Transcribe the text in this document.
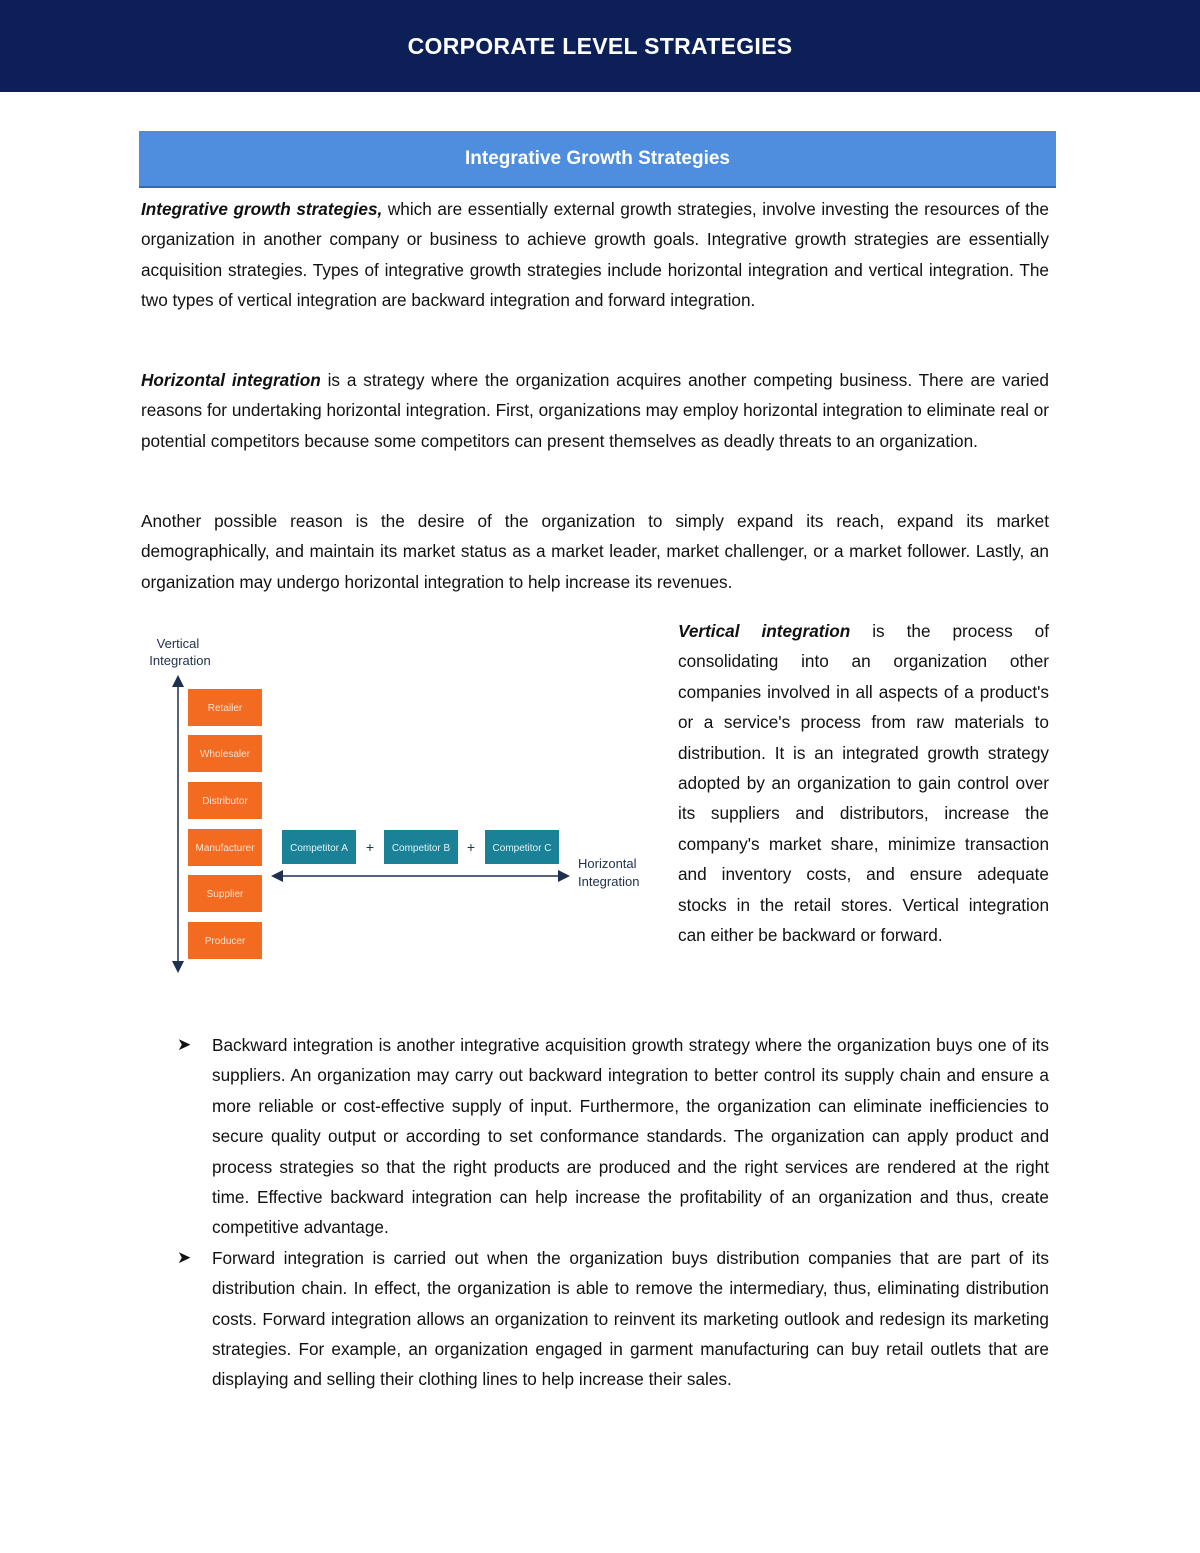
CORPORATE LEVEL STRATEGIES
Integrative Growth Strategies

Integrative growth strategies, which are essentially external growth strategies, involve investing the resources of the organization in another company or business to achieve growth goals. Integrative growth strategies are essentially acquisition strategies. Types of integrative growth strategies include horizontal integration and vertical integration. The two types of vertical integration are backward integration and forward integration.

Horizontal integration is a strategy where the organization acquires another competing business. There are varied reasons for undertaking horizontal integration. First, organizations may employ horizontal integration to eliminate real or potential competitors because some competitors can present themselves as deadly threats to an organization.

Another possible reason is the desire of the organization to simply expand its reach, expand its market demographically, and maintain its market status as a market leader, market challenger, or a market follower. Lastly, an organization may undergo horizontal integration to help increase its revenues.

Vertical
Integration
Retailer
Wholesaler
Distributor
Manufacturer
Supplier
Producer
Competitor A + Competitor B + Competitor C
Horizontal
Integration

Vertical integration is the process of consolidating into an organization other companies involved in all aspects of a product's or a service's process from raw materials to distribution. It is an integrated growth strategy adopted by an organization to gain control over its suppliers and distributors, increase the company's market share, minimize transaction and inventory costs, and ensure adequate stocks in the retail stores. Vertical integration can either be backward or forward.

➤ Backward integration is another integrative acquisition growth strategy where the organization buys one of its suppliers. An organization may carry out backward integration to better control its supply chain and ensure a more reliable or cost-effective supply of input. Furthermore, the organization can eliminate inefficiencies to secure quality output or according to set conformance standards. The organization can apply product and process strategies so that the right products are produced and the right services are rendered at the right time. Effective backward integration can help increase the profitability of an organization and thus, create competitive advantage.
➤ Forward integration is carried out when the organization buys distribution companies that are part of its distribution chain. In effect, the organization is able to remove the intermediary, thus, eliminating distribution costs. Forward integration allows an organization to reinvent its marketing outlook and redesign its marketing strategies. For example, an organization engaged in garment manufacturing can buy retail outlets that are displaying and selling their clothing lines to help increase their sales.
